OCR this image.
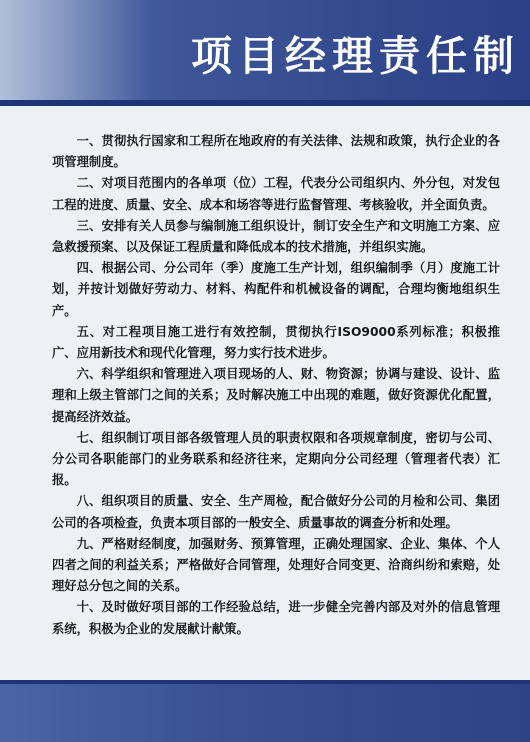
项目经理责任制

一、贯彻执行国家和工程所在地政府的有关法律、法规和政策，执行企业的各项管理制度。

二、对项目范围内的各单项（位）工程，代表分公司组织内、外分包，对发包工程的进度、质量、安全、成本和场容等进行监督管理、考核验收，并全面负责。

三、安排有关人员参与编制施工组织设计，制订安全生产和文明施工方案、应急救援预案、以及保证工程质量和降低成本的技术措施，并组织实施。

四、根据公司、分公司年（季）度施工生产计划，组织编制季（月）度施工计划，并按计划做好劳动力、材料、构配件和机械设备的调配，合理均衡地组织生产。

五、对工程项目施工进行有效控制，贯彻执行ISO9000系列标准；积极推广、应用新技术和现代化管理，努力实行技术进步。

六、科学组织和管理进入项目现场的人、财、物资源；协调与建设、设计、监理和上级主管部门之间的关系；及时解决施工中出现的难题，做好资源优化配置，提高经济效益。

七、组织制订项目部各级管理人员的职责权限和各项规章制度，密切与公司、分公司各职能部门的业务联系和经济往来，定期向分公司经理（管理者代表）汇报。

八、组织项目的质量、安全、生产周检，配合做好分公司的月检和公司、集团公司的各项检查，负责本项目部的一般安全、质量事故的调查分析和处理。

九、严格财经制度，加强财务、预算管理，正确处理国家、企业、集体、个人四者之间的利益关系；严格做好合同管理，处理好合同变更、洽商纠纷和索赔，处理好总分包之间的关系。

十、及时做好项目部的工作经验总结，进一步健全完善内部及对外的信息管理系统，积极为企业的发展献计献策。
